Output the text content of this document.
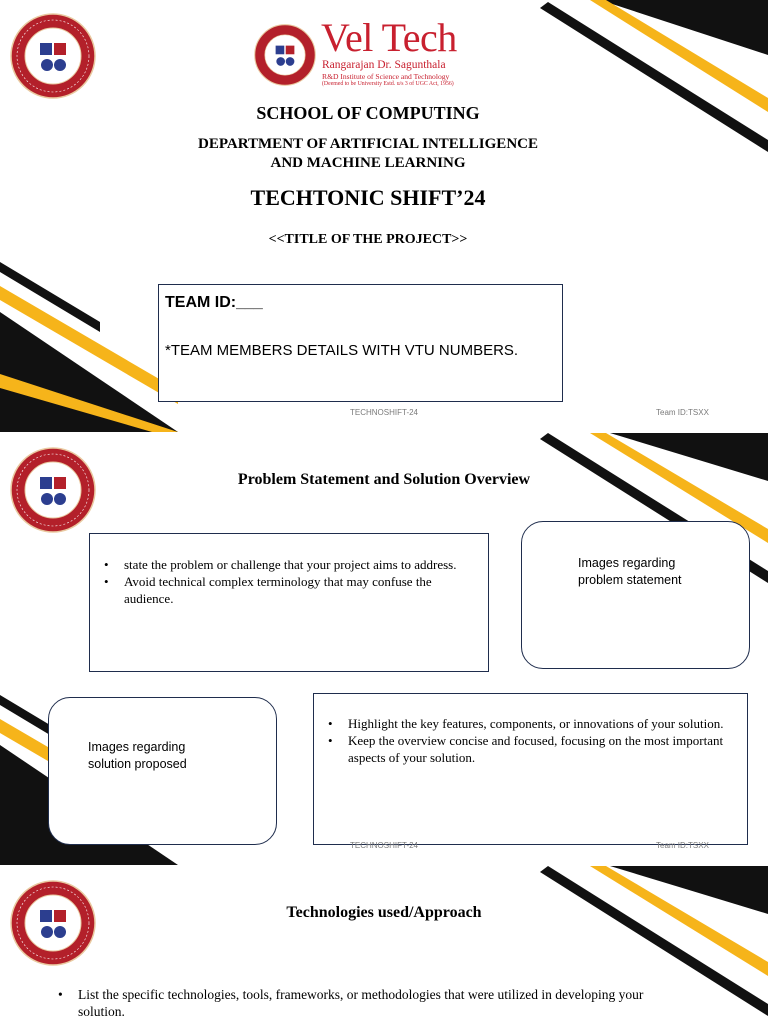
Vel Tech
Rangarajan Dr. Sagunthala
R&D Institute of Science and Technology
(Deemed to be University Estd. u/s 3 of UGC Act, 1956)
SCHOOL OF COMPUTING
DEPARTMENT OF ARTIFICIAL INTELLIGENCE
AND MACHINE LEARNING
TECHTONIC SHIFT’24
<<TITLE OF THE PROJECT>>
TEAM ID:___
*TEAM MEMBERS DETAILS WITH VTU NUMBERS.
TECHNOSHIFT-24	Team ID:TSXX
Problem Statement and Solution Overview
• state the problem or challenge that your project aims to address.
• Avoid technical complex terminology that may confuse the audience.
Images regarding problem statement
Images regarding solution proposed
• Highlight the key features, components, or innovations of your solution.
• Keep the overview concise and focused, focusing on the most important aspects of your solution.
TECHNOSHIFT-24	Team ID:TSXX
Technologies used/Approach
• List the specific technologies, tools, frameworks, or methodologies that were utilized in developing your solution.
